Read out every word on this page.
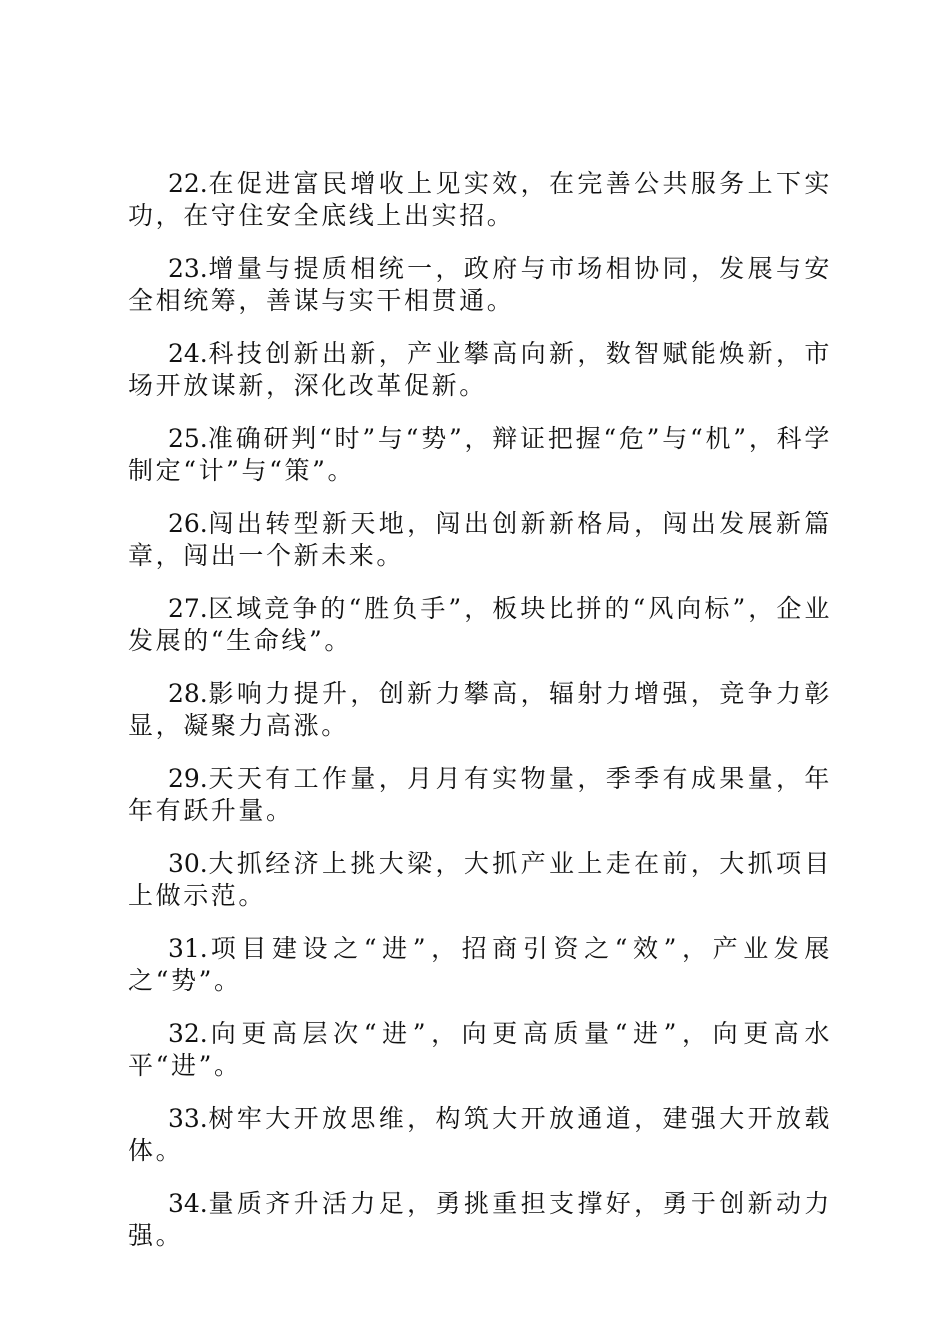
22.在促进富民增收上见实效，在完善公共服务上下实功，在守住安全底线上出实招。

23.增量与提质相统一，政府与市场相协同，发展与安全相统筹，善谋与实干相贯通。

24.科技创新出新，产业攀高向新，数智赋能焕新，市场开放谋新，深化改革促新。

25.准确研判“时”与“势”，辩证把握“危”与“机”，科学制定“计”与“策”。

26.闯出转型新天地，闯出创新新格局，闯出发展新篇章，闯出一个新未来。

27.区域竞争的“胜负手”，板块比拼的“风向标”，企业发展的“生命线”。

28.影响力提升，创新力攀高，辐射力增强，竞争力彰显，凝聚力高涨。

29.天天有工作量，月月有实物量，季季有成果量，年年有跃升量。

30.大抓经济上挑大梁，大抓产业上走在前，大抓项目上做示范。

31.项目建设之“进”，招商引资之“效”，产业发展之“势”。

32.向更高层次“进”，向更高质量“进”，向更高水平“进”。

33.树牢大开放思维，构筑大开放通道，建强大开放载体。

34.量质齐升活力足，勇挑重担支撑好，勇于创新动力强。
